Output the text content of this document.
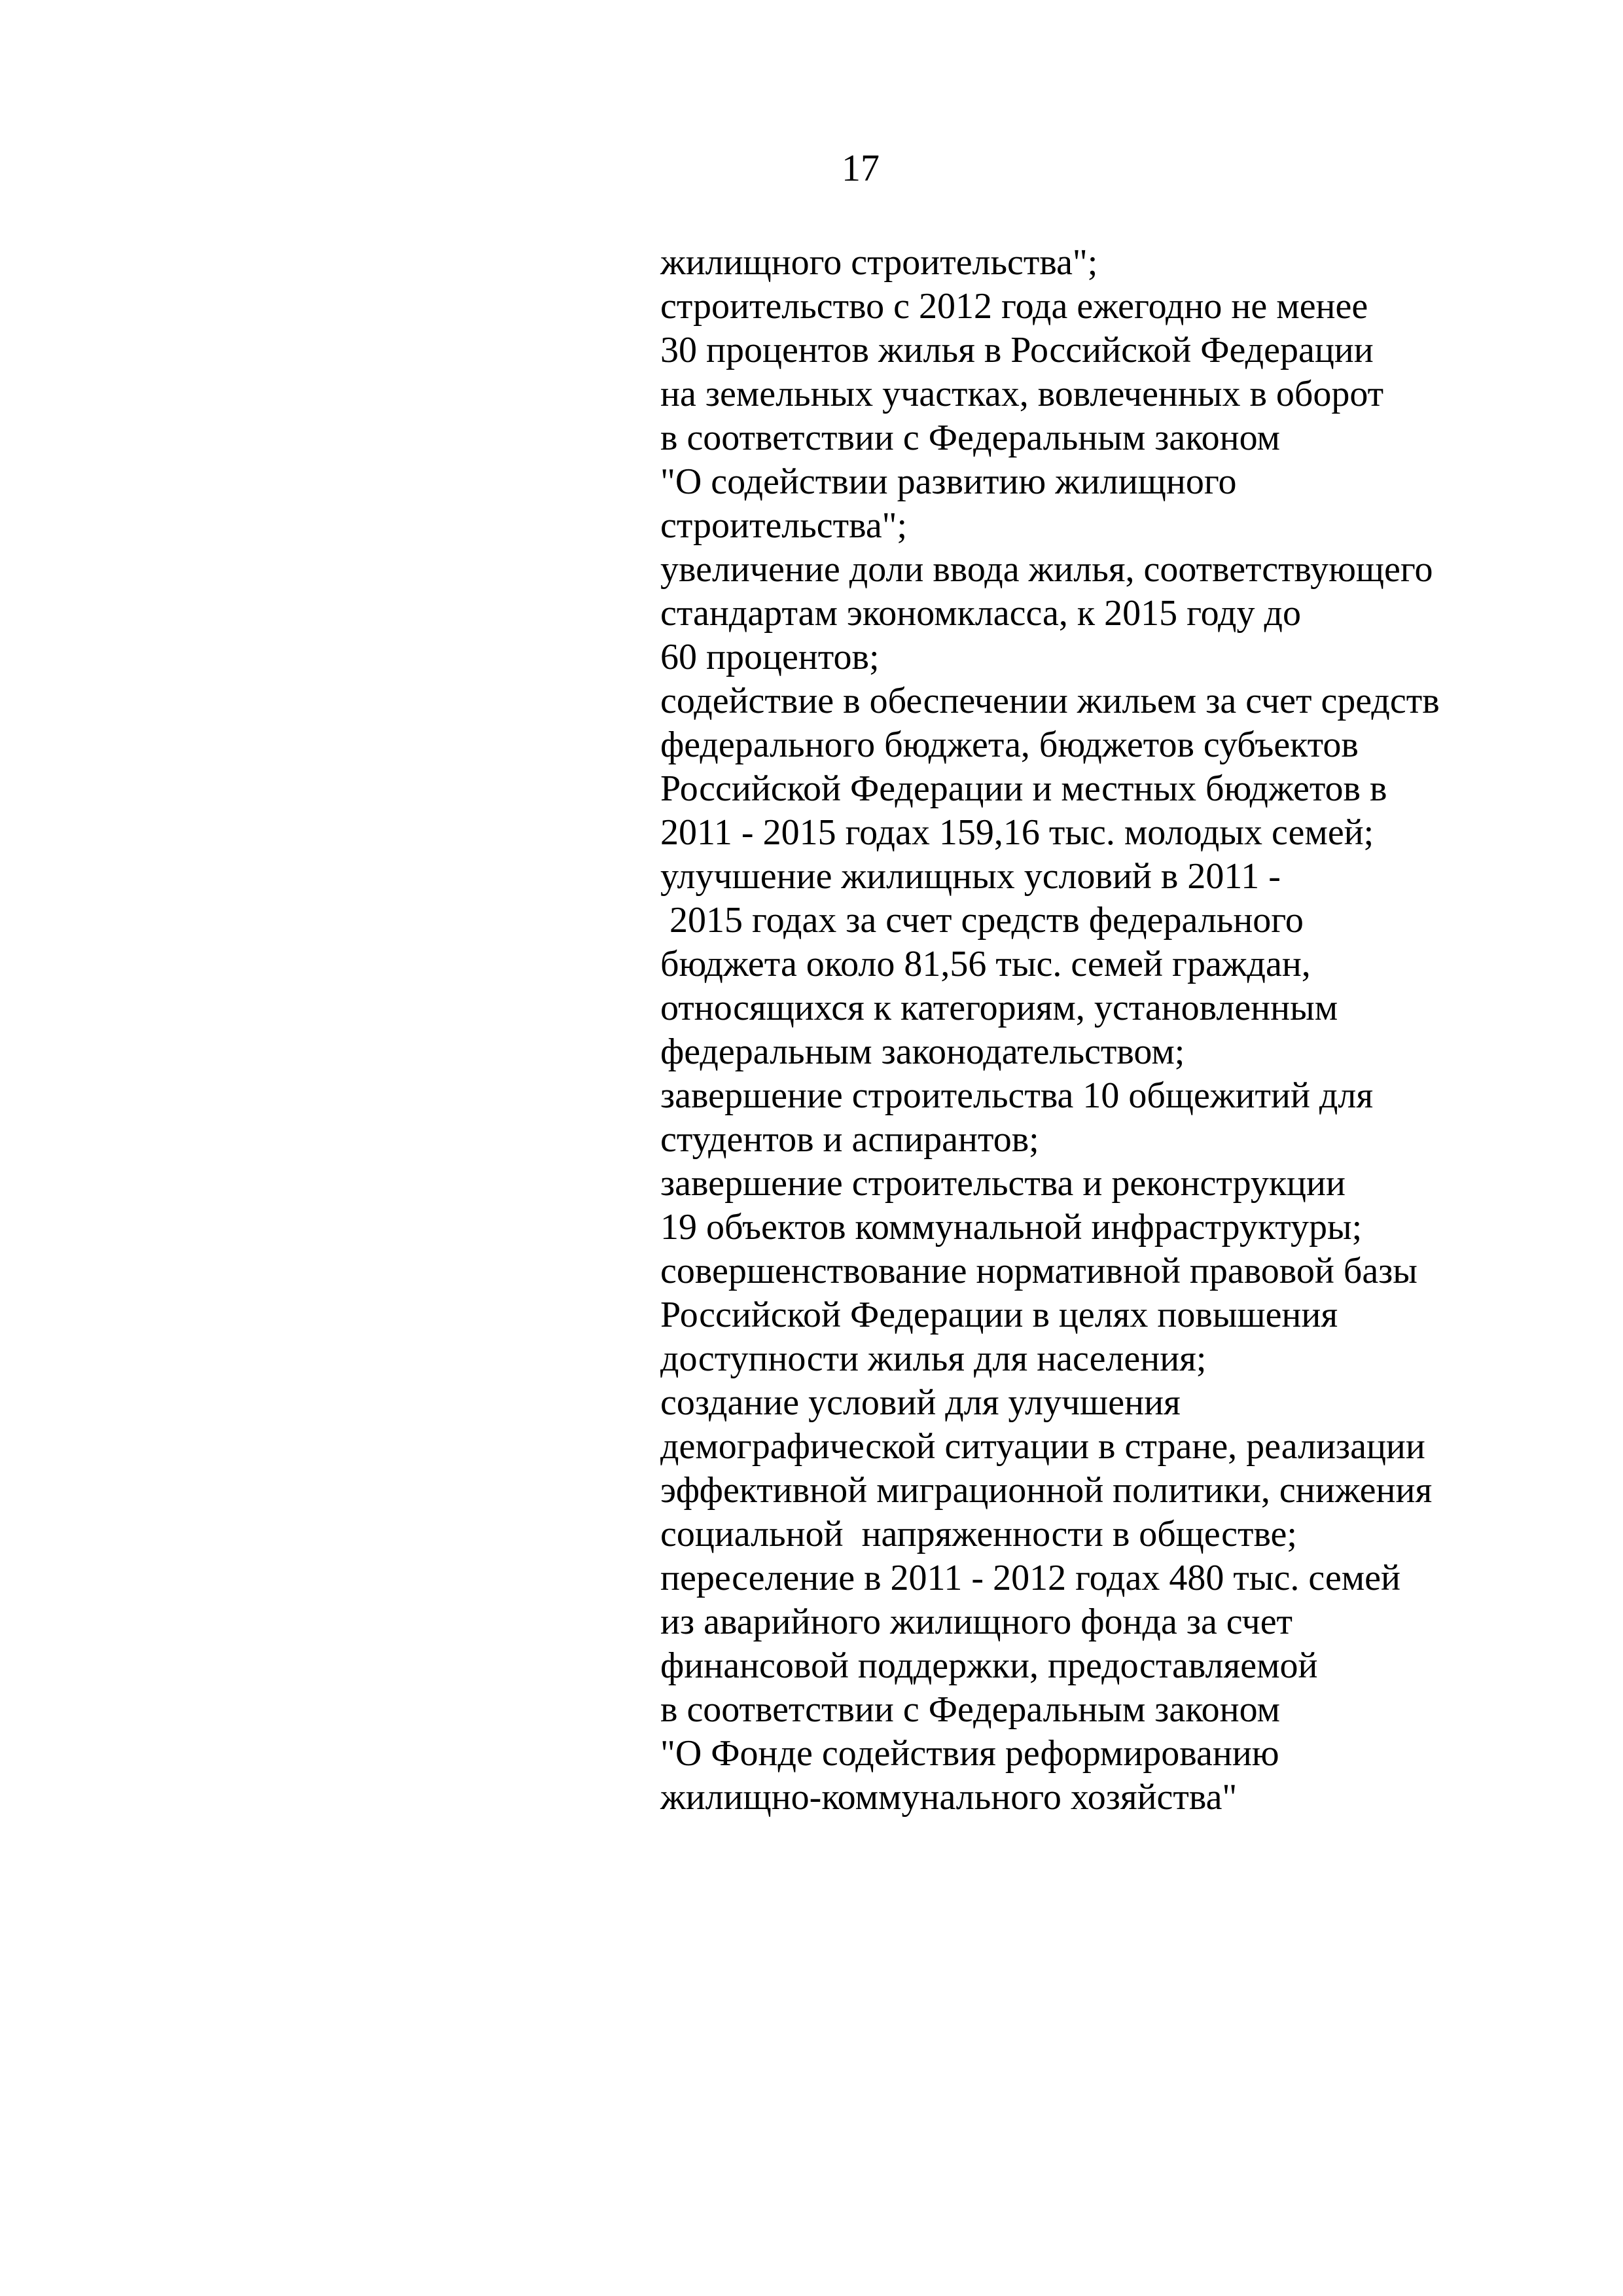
17
жилищного строительства";
строительство с 2012 года ежегодно не менее
30 процентов жилья в Российской Федерации
на земельных участках, вовлеченных в оборот
в соответствии с Федеральным законом
"О содействии развитию жилищного
строительства";
увеличение доли ввода жилья, соответствующего
стандартам экономкласса, к 2015 году до
60 процентов;
содействие в обеспечении жильем за счет средств
федерального бюджета, бюджетов субъектов
Российской Федерации и местных бюджетов в
2011 - 2015 годах 159,16 тыс. молодых семей;
улучшение жилищных условий в 2011 -
2015 годах за счет средств федерального
бюджета около 81,56 тыс. семей граждан,
относящихся к категориям, установленным
федеральным законодательством;
завершение строительства 10 общежитий для
студентов и аспирантов;
завершение строительства и реконструкции
19 объектов коммунальной инфраструктуры;
совершенствование нормативной правовой базы
Российской Федерации в целях повышения
доступности жилья для населения;
создание условий для улучшения
демографической ситуации в стране, реализации
эффективной миграционной политики, снижения
социальной  напряженности в обществе;
переселение в 2011 - 2012 годах 480 тыс. семей
из аварийного жилищного фонда за счет
финансовой поддержки, предоставляемой
в соответствии с Федеральным законом
"О Фонде содействия реформированию
жилищно-коммунального хозяйства"
